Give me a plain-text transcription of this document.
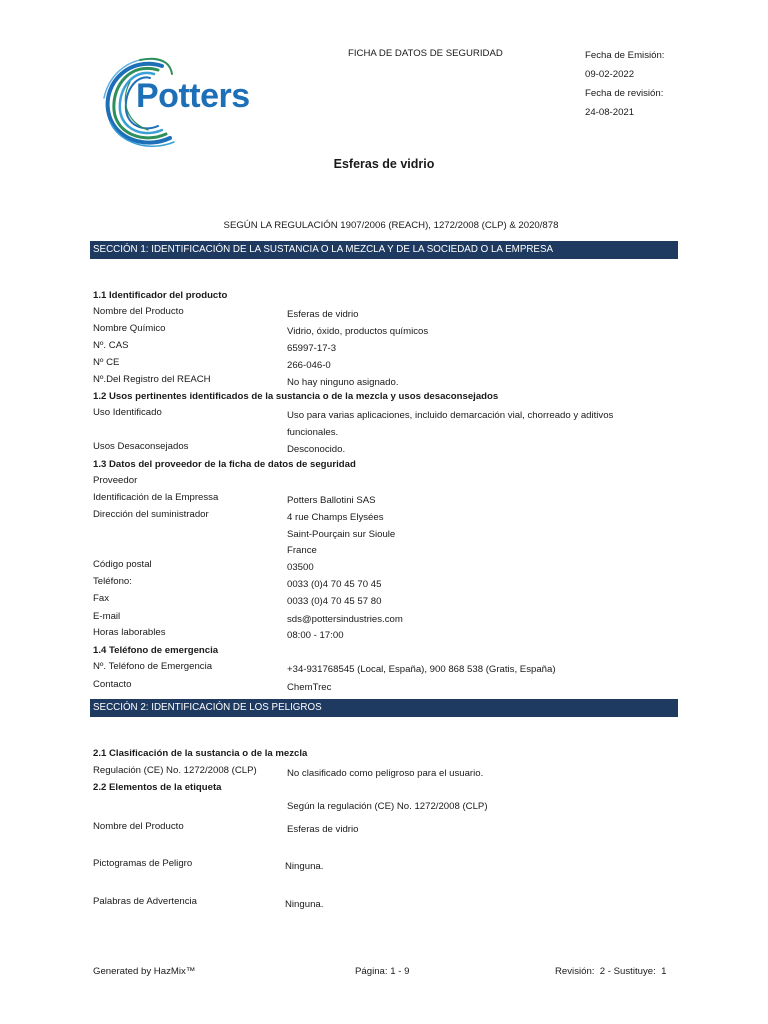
Potters
FICHA DE DATOS DE SEGURIDAD	Fecha de Emisión:
09-02-2022
Fecha de revisión:
24-08-2021
Esferas de vidrio
SEGÚN LA REGULACIÓN 1907/2006 (REACH), 1272/2008 (CLP) & 2020/878
SECCIÓN 1: IDENTIFICACIÓN DE LA SUSTANCIA O LA MEZCLA Y DE LA SOCIEDAD O LA EMPRESA
1.1 Identificador del producto
Nombre del Producto	Esferas de vidrio
Nombre Químico	Vidrio, óxido, productos químicos
Nº. CAS	65997-17-3
Nº CE	266-046-0
Nº.Del Registro del REACH	No hay ninguno asignado.
1.2 Usos pertinentes identificados de la sustancia o de la mezcla y usos desaconsejados
Uso Identificado	Uso para varias aplicaciones, incluido demarcación vial, chorreado y aditivos funcionales.
Usos Desaconsejados	Desconocido.
1.3 Datos del proveedor de la ficha de datos de seguridad
Proveedor
Identificación de la Empressa	Potters Ballotini SAS
Dirección del suministrador	4 rue Champs Elysées
Saint-Pourçain sur Sioule
France
Código postal	03500
Teléfono:	0033 (0)4 70 45 70 45
Fax	0033 (0)4 70 45 57 80
E-mail	sds@pottersindustries.com
Horas laborables	08:00 - 17:00
1.4 Teléfono de emergencia
Nº. Teléfono de Emergencia	+34-931768545 (Local, España), 900 868 538 (Gratis, España)
Contacto	ChemTrec
SECCIÓN 2: IDENTIFICACIÓN DE LOS PELIGROS
2.1 Clasificación de la sustancia o de la mezcla
Regulación (CE) No. 1272/2008 (CLP)	No clasificado como peligroso para el usuario.
2.2 Elementos de la etiqueta
Según la regulación (CE) No. 1272/2008 (CLP)
Nombre del Producto	Esferas de vidrio
Pictogramas de Peligro	Ninguna.
Palabras de Advertencia	Ninguna.
Generated by HazMix™	Página: 1 - 9	Revisión:  2 - Sustituye:  1
